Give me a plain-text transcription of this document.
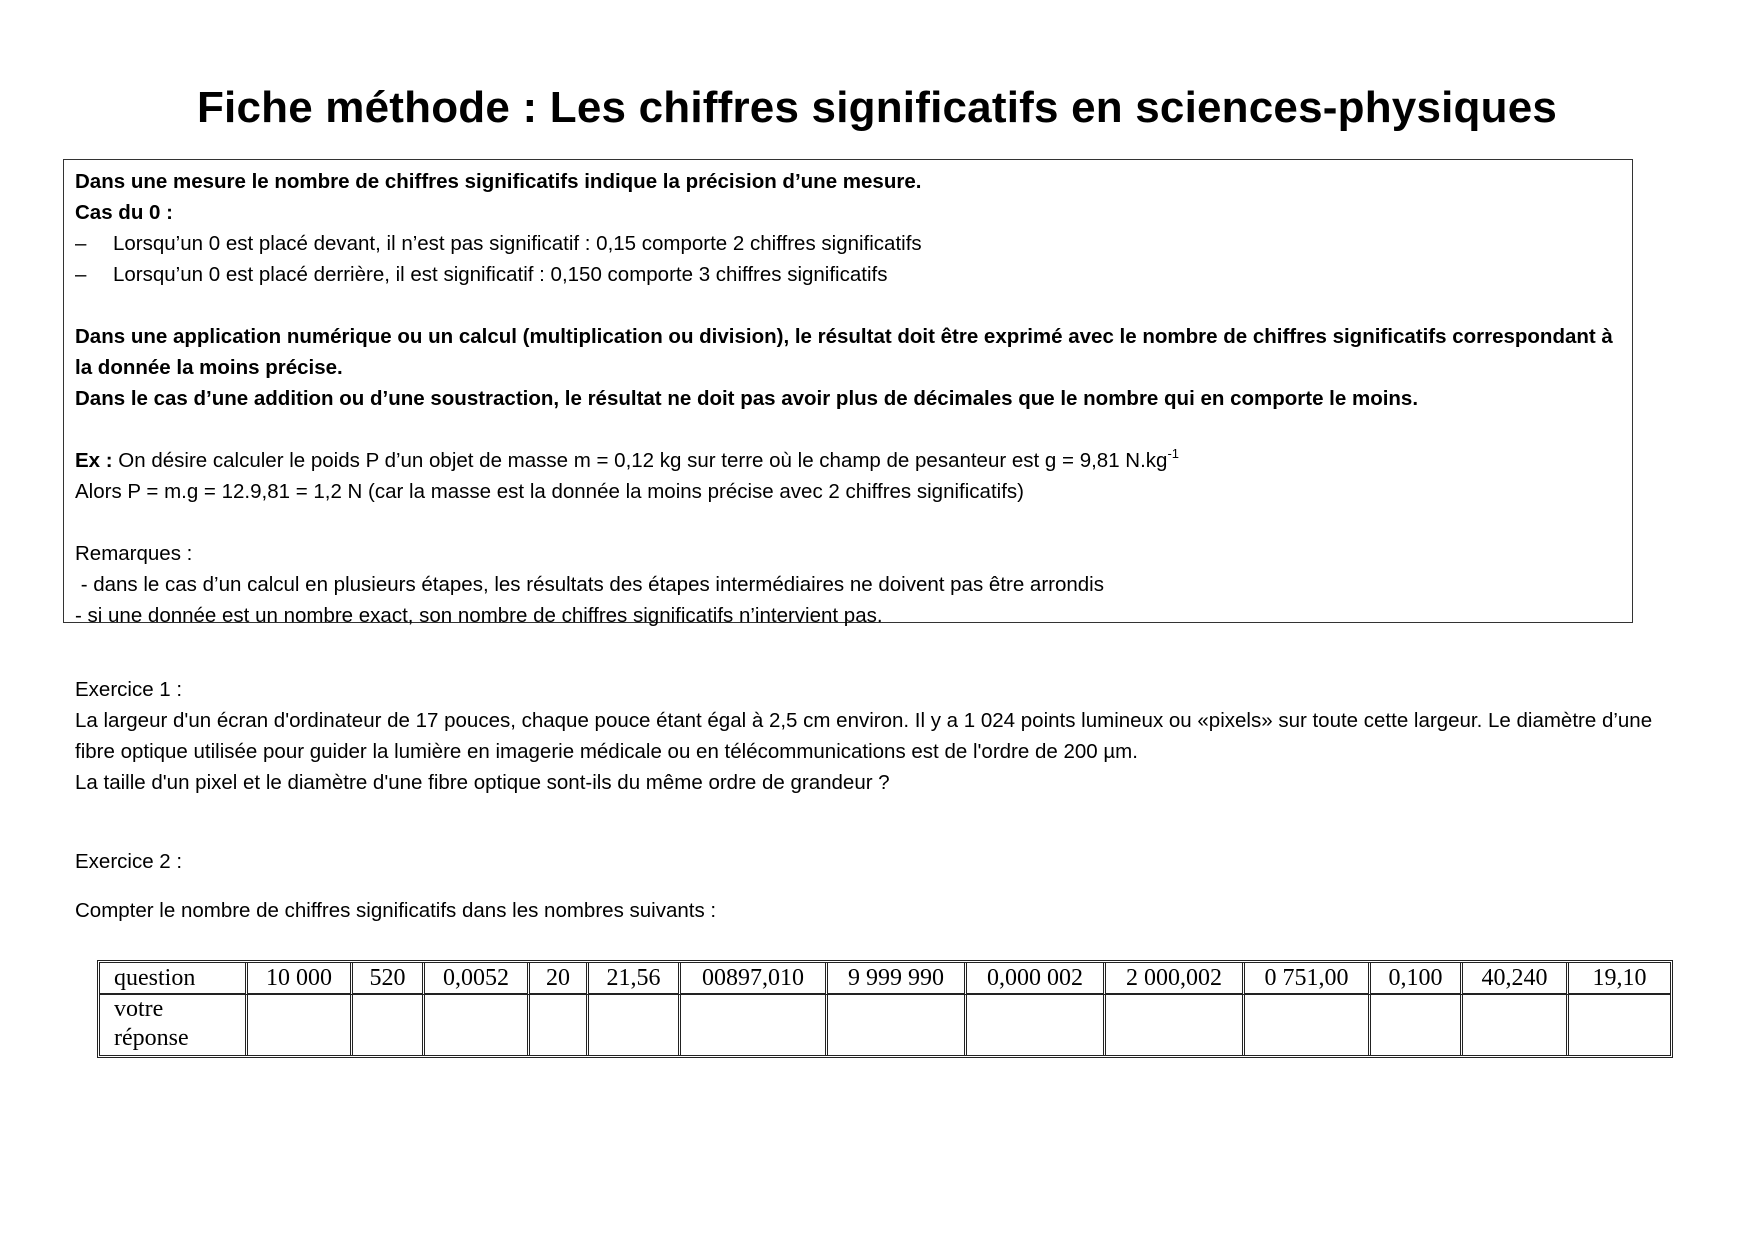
Fiche méthode : Les chiffres significatifs en sciences-physiques
Dans une mesure le nombre de chiffres significatifs indique la précision d’une mesure.
Cas du 0 :
– Lorsqu’un 0 est placé devant, il n’est pas significatif : 0,15 comporte 2 chiffres significatifs
– Lorsqu’un 0 est placé derrière, il est significatif : 0,150 comporte 3 chiffres significatifs
Dans une application numérique ou un calcul (multiplication ou division), le résultat doit être exprimé avec le nombre de chiffres significatifs correspondant à la donnée la moins précise.
Dans le cas d’une addition ou d’une soustraction, le résultat ne doit pas avoir plus de décimales que le nombre qui en comporte le moins.
Ex : On désire calculer le poids P d’un objet de masse m = 0,12 kg sur terre où le champ de pesanteur est g = 9,81 $N.kg^{-1}$
Alors P = m.g = 12.9,81 = 1,2 N (car la masse est la donnée la moins précise avec 2 chiffres significatifs)
Remarques :
- dans le cas d’un calcul en plusieurs étapes, les résultats des étapes intermédiaires ne doivent pas être arrondis
- si une donnée est un nombre exact, son nombre de chiffres significatifs n’intervient pas.
Exercice 1 :
La largeur d'un écran d'ordinateur de 17 pouces, chaque pouce étant égal à 2,5 cm environ. Il y a 1 024 points lumineux ou «pixels» sur toute cette largeur. Le diamètre d’une fibre optique utilisée pour guider la lumière en imagerie médicale ou en télécommunications est de l'ordre de 200 µm.
La taille d'un pixel et le diamètre d'une fibre optique sont-ils du même ordre de grandeur ?
Exercice 2 :
Compter le nombre de chiffres significatifs dans les nombres suivants :
question	10 000	520	0,0052	20	21,56	00897,010	9 999 990	0,000 002	2 000,002	0 751,00	0,100	40,240	19,10
votre
réponse													
